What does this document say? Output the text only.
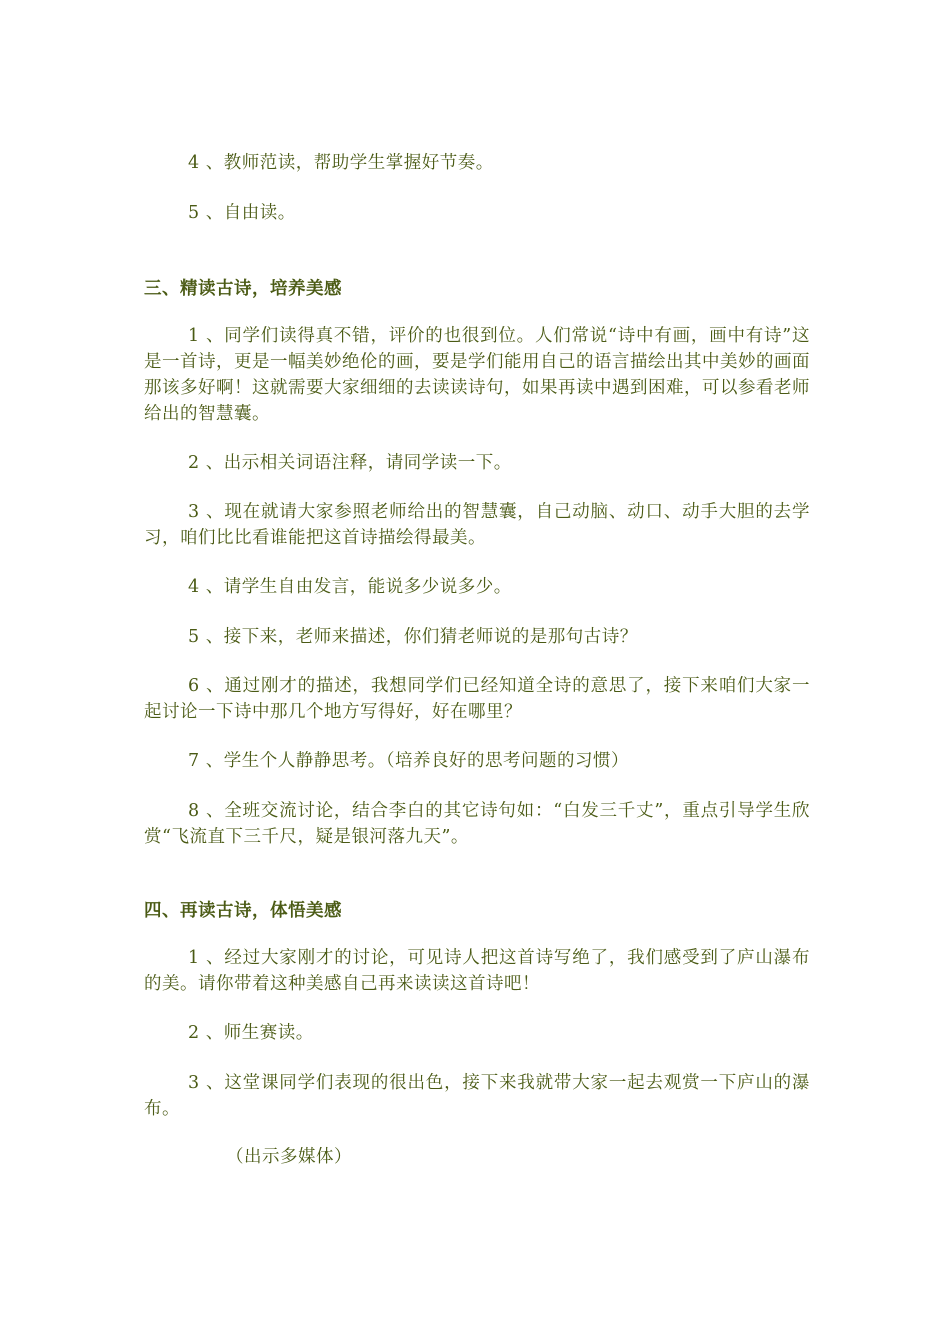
4 、教师范读，帮助学生掌握好节奏。

5 、自由读。

三、精读古诗，培养美感

1 、同学们读得真不错，评价的也很到位。人们常说“诗中有画，画中有诗”这是一首诗，更是一幅美妙绝伦的画，要是学们能用自己的语言描绘出其中美妙的画面那该多好啊！这就需要大家细细的去读读诗句，如果再读中遇到困难，可以参看老师给出的智慧囊。

2 、出示相关词语注释，请同学读一下。

3 、现在就请大家参照老师给出的智慧囊，自己动脑、动口、动手大胆的去学习，咱们比比看谁能把这首诗描绘得最美。

4 、请学生自由发言，能说多少说多少。

5 、接下来，老师来描述，你们猜老师说的是那句古诗？

6 、通过刚才的描述，我想同学们已经知道全诗的意思了，接下来咱们大家一起讨论一下诗中那几个地方写得好，好在哪里？

7 、学生个人静静思考。（培养良好的思考问题的习惯）

8 、全班交流讨论，结合李白的其它诗句如：“白发三千丈”，重点引导学生欣赏“飞流直下三千尺，疑是银河落九天”。

四、再读古诗，体悟美感

1 、经过大家刚才的讨论，可见诗人把这首诗写绝了，我们感受到了庐山瀑布的美。请你带着这种美感自己再来读读这首诗吧！

2 、师生赛读。

3 、这堂课同学们表现的很出色，接下来我就带大家一起去观赏一下庐山的瀑布。

（出示多媒体）
